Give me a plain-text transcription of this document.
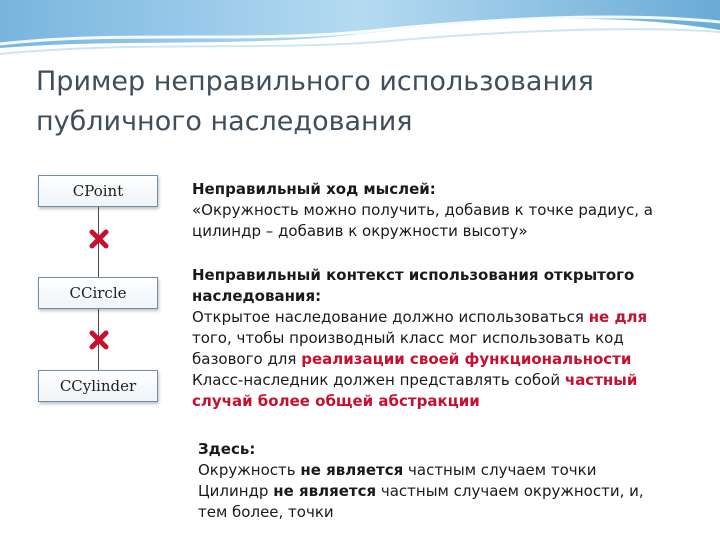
Пример неправильного использования публичного наследования
CPoint
CCircle
CCylinder

Неправильный ход мыслей:

«Окружность можно получить, добавив к точке радиус, а цилиндр – добавив к окружности высоту»

Неправильный контекст использования открытого

наследования:

Открытое наследование должно использоваться не для

того, чтобы производный класс мог использовать код

базового для реализации своей функциональности

Класс-наследник должен представлять собой частный

случай более общей абстракции

Здесь:

Окружность не является частным случаем точки

Цилиндр не является частным случаем окружности, и,

тем более, точки
